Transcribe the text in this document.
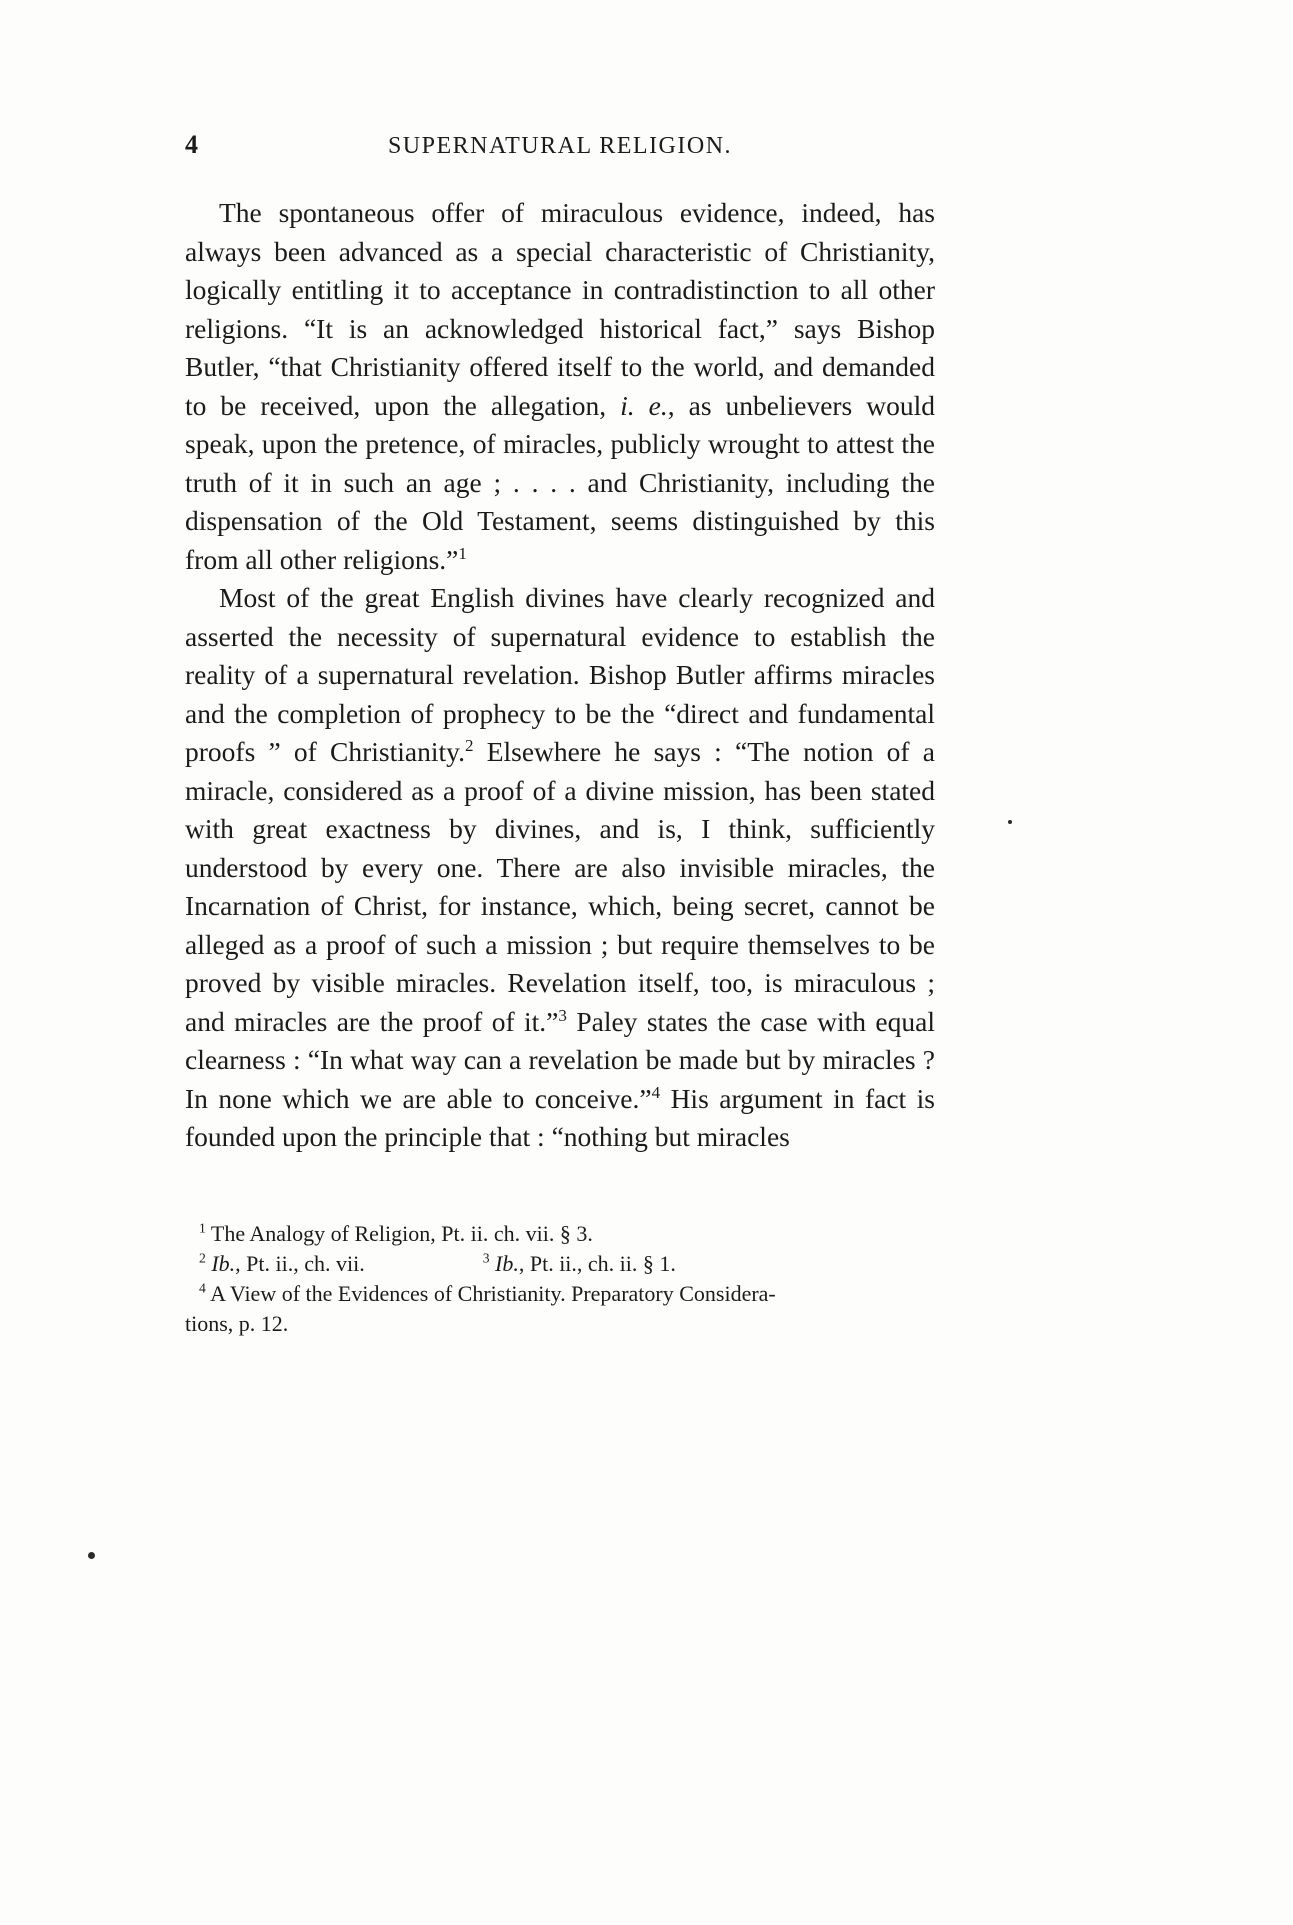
4	SUPERNATURAL RELIGION.

The spontaneous offer of miraculous evidence, indeed, has always been advanced as a special characteristic of Christianity, logically entitling it to acceptance in contradistinction to all other religions. “It is an acknowledged historical fact,” says Bishop Butler, “that Christianity offered itself to the world, and demanded to be received, upon the allegation, i. e., as unbelievers would speak, upon the pretence, of miracles, publicly wrought to attest the truth of it in such an age ; . . . . and Christianity, including the dispensation of the Old Testament, seems distinguished by this from all other religions.”$^1$

Most of the great English divines have clearly recognized and asserted the necessity of supernatural evidence to establish the reality of a supernatural revelation. Bishop Butler affirms miracles and the completion of prophecy to be the “direct and fundamental proofs ” of Christianity.$^2$ Elsewhere he says : “The notion of a miracle, considered as a proof of a divine mission, has been stated with great exactness by divines, and is, I think, sufficiently understood by every one. There are also invisible miracles, the Incarnation of Christ, for instance, which, being secret, cannot be alleged as a proof of such a mission ; but require themselves to be proved by visible miracles. Revelation itself, too, is miraculous ; and miracles are the proof of it.”$^3$ Paley states the case with equal clearness : “In what way can a revelation be made but by miracles ? In none which we are able to conceive.”$^4$ His argument in fact is founded upon the principle that : “nothing but miracles

$^1$ The Analogy of Religion, Pt. ii. ch. vii. § 3.
$^2$ Ib., Pt. ii., ch. vii.	$^3$ Ib., Pt. ii., ch. ii. § 1.
$^4$ A View of the Evidences of Christianity. Preparatory Considera-
tions, p. 12.
